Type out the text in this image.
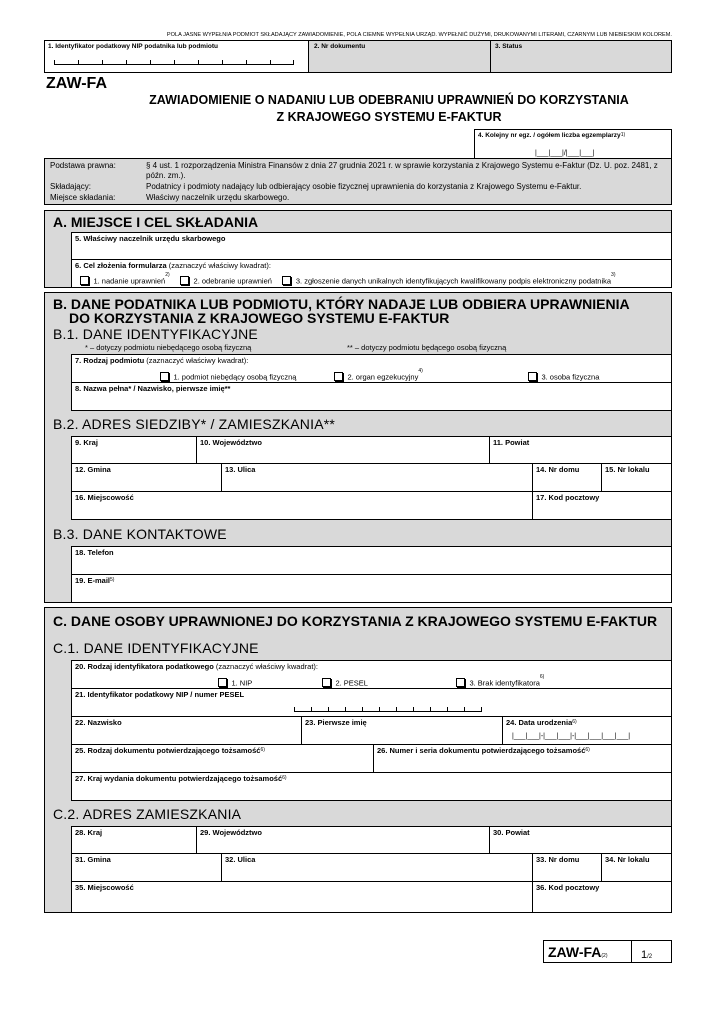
POLA JASNE WYPEŁNIA PODMIOT SKŁADAJĄCY ZAWIADOMIENIE, POLA CIEMNE WYPEŁNIA URZĄD. WYPEŁNIĆ DUŻYMI, DRUKOWANYMI LITERAMI, CZARNYM LUB NIEBIESKIM KOLOREM.
1. Identyfikator podatkowy NIP podatnika lub podmiotu	2. Nr dokumentu	3. Status
ZAW-FA
ZAWIADOMIENIE O NADANIU LUB ODEBRANIU UPRAWNIEŃ DO KORZYSTANIA
Z KRAJOWEGO SYSTEMU E-FAKTUR
4. Kolejny nr egz. / ogółem liczba egzemplarzy$^{1)}$
|___|___|/|___|___|
Podstawa prawna:	§ 4 ust. 1 rozporządzenia Ministra Finansów z dnia 27 grudnia 2021 r. w sprawie korzystania z Krajowego Systemu e-Faktur (Dz. U. poz. 2481, z późn. zm.).
Składający:	Podatnicy i podmioty nadający lub odbierający osobie fizycznej uprawnienia do korzystania z Krajowego Systemu e-Faktur.
Miejsce składania:	Właściwy naczelnik urzędu skarbowego.
A. MIEJSCE I CEL SKŁADANIA
5. Właściwy naczelnik urzędu skarbowego
6. Cel złożenia formularza (zaznaczyć właściwy kwadrat):
1. nadanie uprawnień$^{2)}$  2. odebranie uprawnień	3. zgłoszenie danych unikalnych identyfikujących kwalifikowany podpis elektroniczny podatnika$^{3)}$
B. DANE PODATNIKA LUB PODMIOTU, KTÓRY NADAJE LUB ODBIERA UPRAWNIENIA
DO KORZYSTANIA Z KRAJOWEGO SYSTEMU E-FAKTUR
B.1. DANE IDENTYFIKACYJNE
* – dotyczy podmiotu niebędącego osobą fizyczną	** – dotyczy podmiotu będącego osobą fizyczną
7. Rodzaj podmiotu (zaznaczyć właściwy kwadrat):
1. podmiot niebędący osobą fizyczną	2. organ egzekucyjny$^{4)}$
3. osoba fizyczna
8. Nazwa pełna* / Nazwisko, pierwsze imię**
B.2. ADRES SIEDZIBY* / ZAMIESZKANIA**
9. Kraj	10. Województwo	11. Powiat
12. Gmina	13. Ulica	14. Nr domu	15. Nr lokalu
16. Miejscowość	17. Kod pocztowy
B.3. DANE KONTAKTOWE
18. Telefon
19. E-mail$^{5)}$
C. DANE OSOBY UPRAWNIONEJ DO KORZYSTANIA Z KRAJOWEGO SYSTEMU E-FAKTUR
C.1. DANE IDENTYFIKACYJNE
20. Rodzaj identyfikatora podatkowego (zaznaczyć właściwy kwadrat):
1. NIP	2. PESEL	3. Brak identyfikatora$^{6)}$
21. Identyfikator podatkowy NIP / numer PESEL
22. Nazwisko	23. Pierwsze imię	24. Data urodzenia$^{6)}$
|___|___|-|___|___|-|___|___|___|___|
25. Rodzaj dokumentu potwierdzającego tożsamość$^{6)}$	26. Numer i seria dokumentu potwierdzającego tożsamość$^{6)}$
27. Kraj wydania dokumentu potwierdzającego tożsamość$^{6)}$
C.2. ADRES ZAMIESZKANIA
28. Kraj	29. Województwo	30. Powiat
31. Gmina	32. Ulica	33. Nr domu	34. Nr lokalu
35. Miejscowość	36. Kod pocztowy
ZAW-FA(2)	1/2
